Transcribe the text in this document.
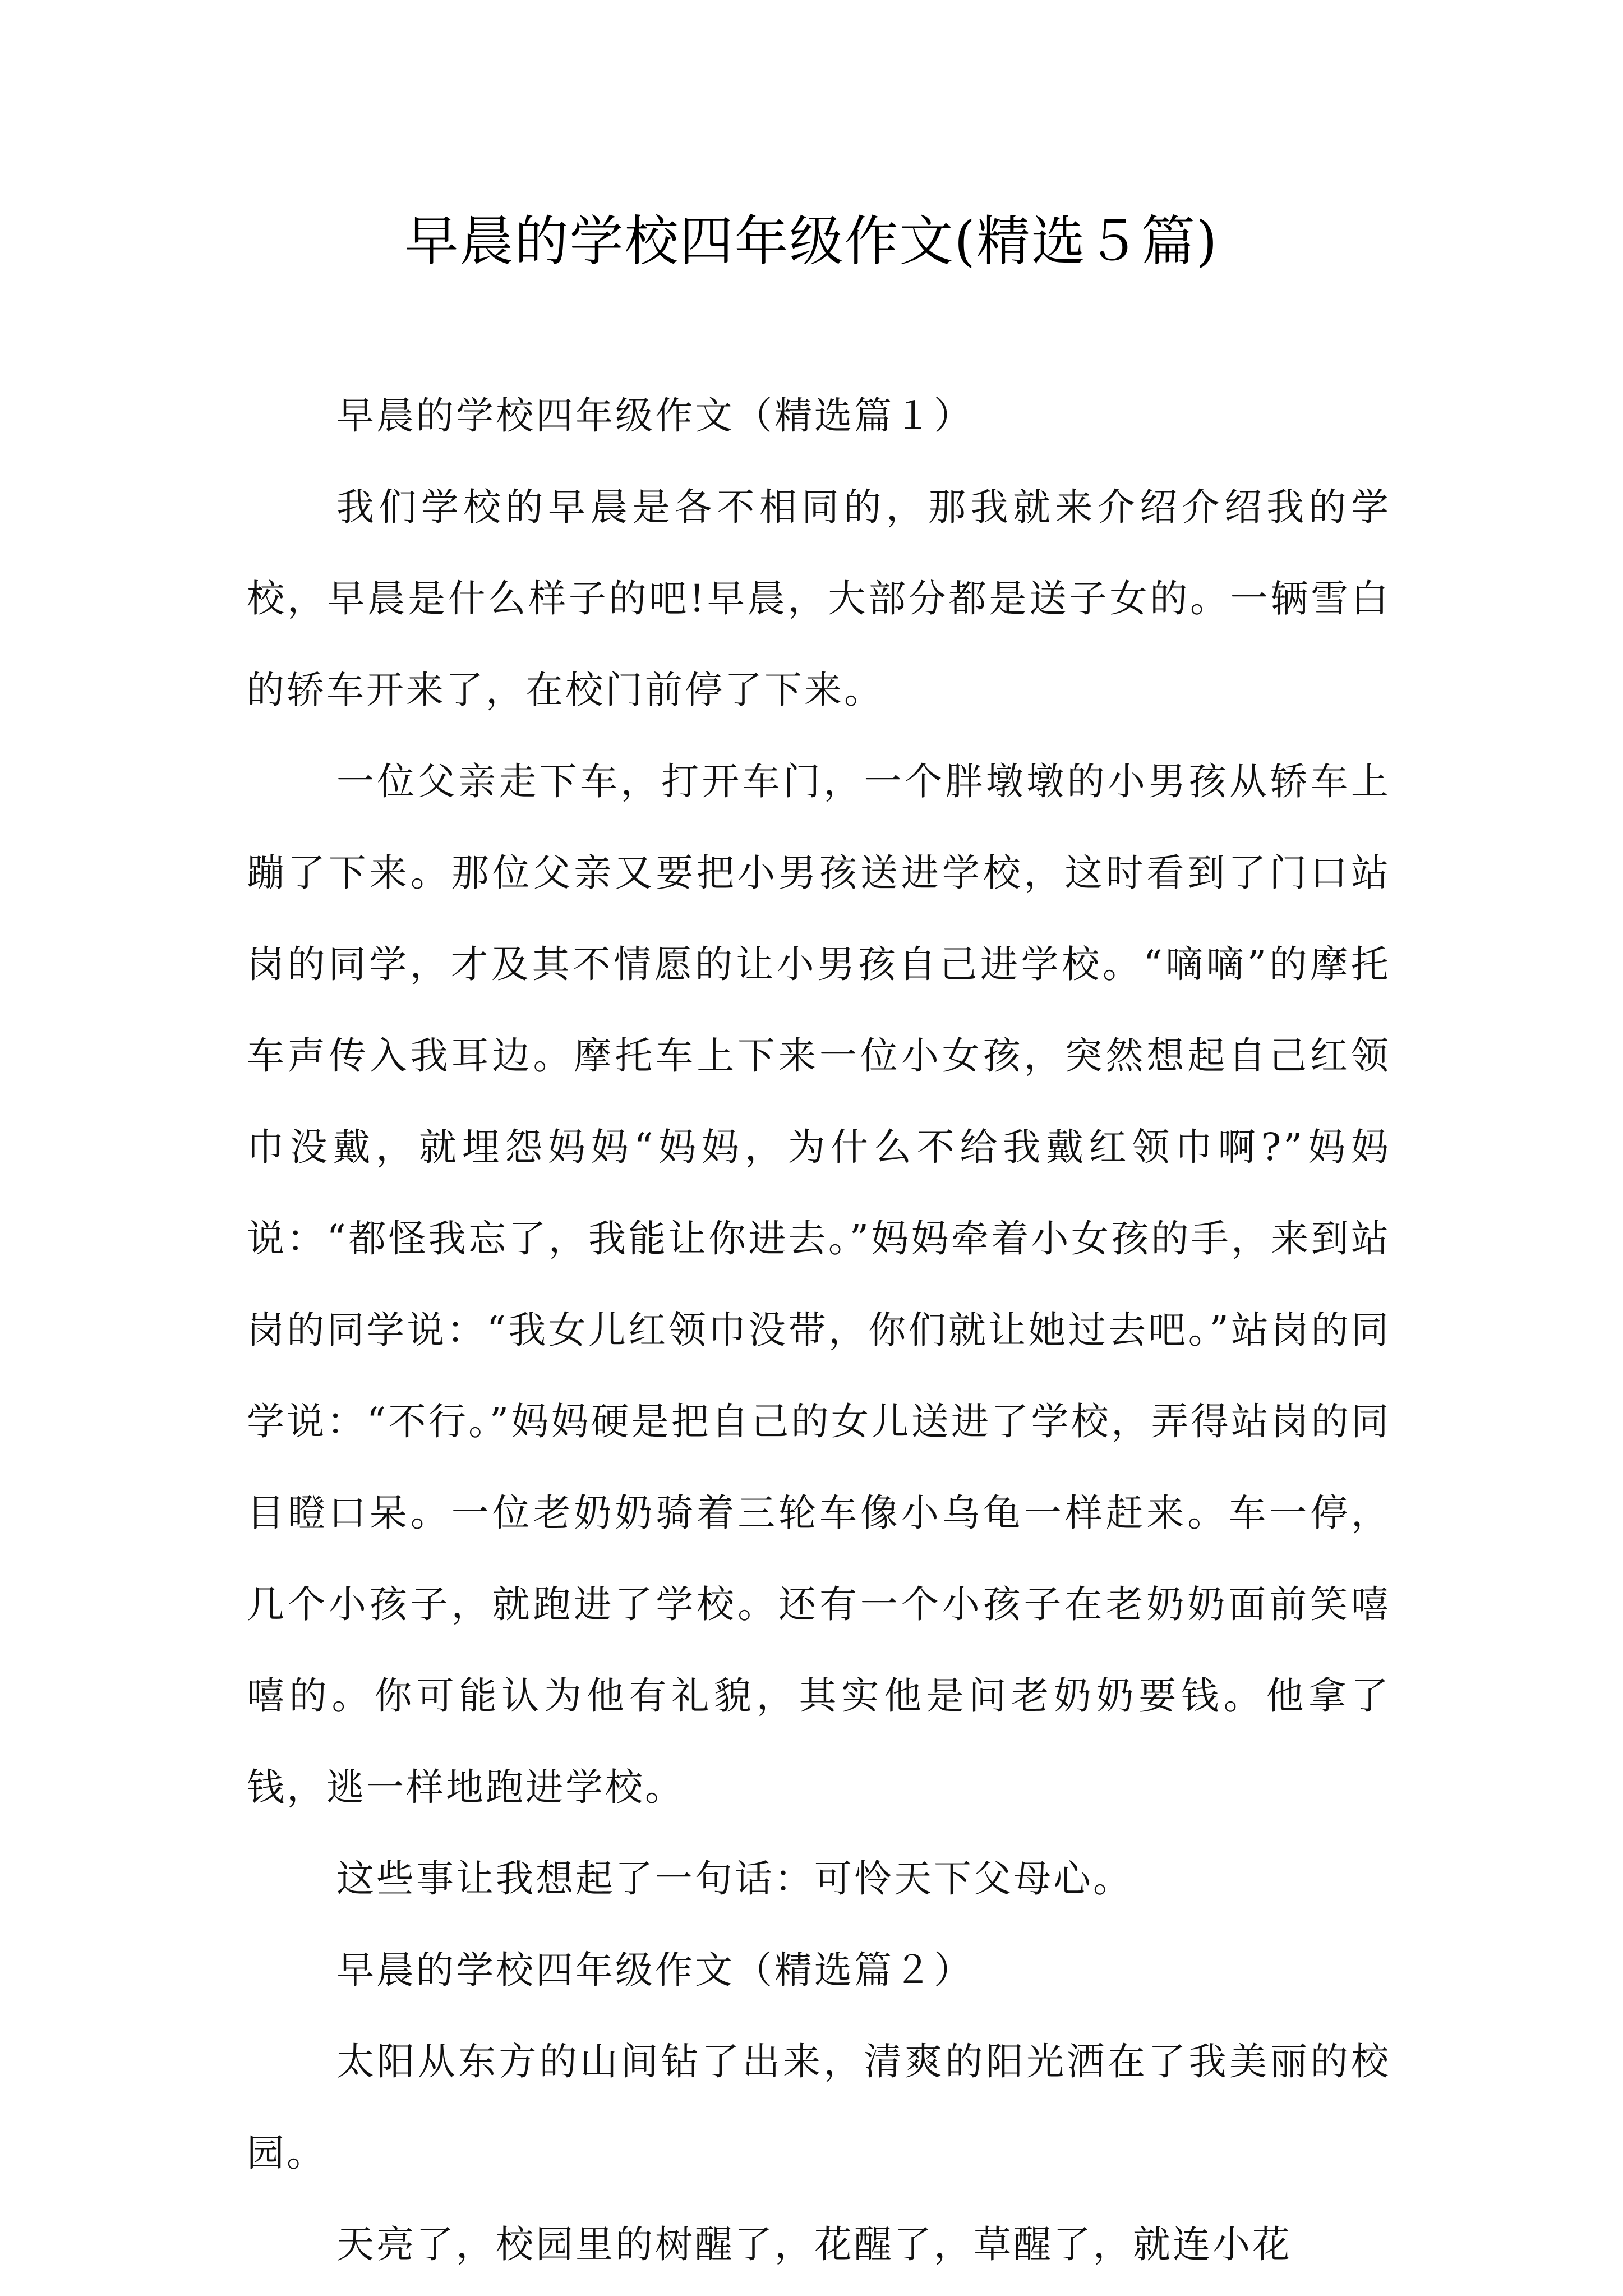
早晨的学校四年级作文(精选５篇)

早晨的学校四年级作文（精选篇１）

我们学校的早晨是各不相同的，那我就来介绍介绍我的学校，早晨是什么样子的吧!早晨，大部分都是送子女的。一辆雪白的轿车开来了，在校门前停了下来。

一位父亲走下车，打开车门，一个胖墩墩的小男孩从轿车上蹦了下来。那位父亲又要把小男孩送进学校，这时看到了门口站岗的同学，才及其不情愿的让小男孩自己进学校。“嘀嘀”的摩托车声传入我耳边。摩托车上下来一位小女孩，突然想起自己红领巾没戴，就埋怨妈妈“妈妈，为什么不给我戴红领巾啊?”妈妈说：“都怪我忘了，我能让你进去。”妈妈牵着小女孩的手，来到站岗的同学说：“我女儿红领巾没带，你们就让她过去吧。”站岗的同学说：“不行。”妈妈硬是把自己的女儿送进了学校，弄得站岗的同目瞪口呆。一位老奶奶骑着三轮车像小乌龟一样赶来。车一停，几个小孩子，就跑进了学校。还有一个小孩子在老奶奶面前笑嘻嘻的。你可能认为他有礼貌，其实他是问老奶奶要钱。他拿了钱，逃一样地跑进学校。

这些事让我想起了一句话：可怜天下父母心。

早晨的学校四年级作文（精选篇２）

太阳从东方的山间钻了出来，清爽的阳光洒在了我美丽的校园。

天亮了，校园里的树醒了，花醒了，草醒了，就连小花
